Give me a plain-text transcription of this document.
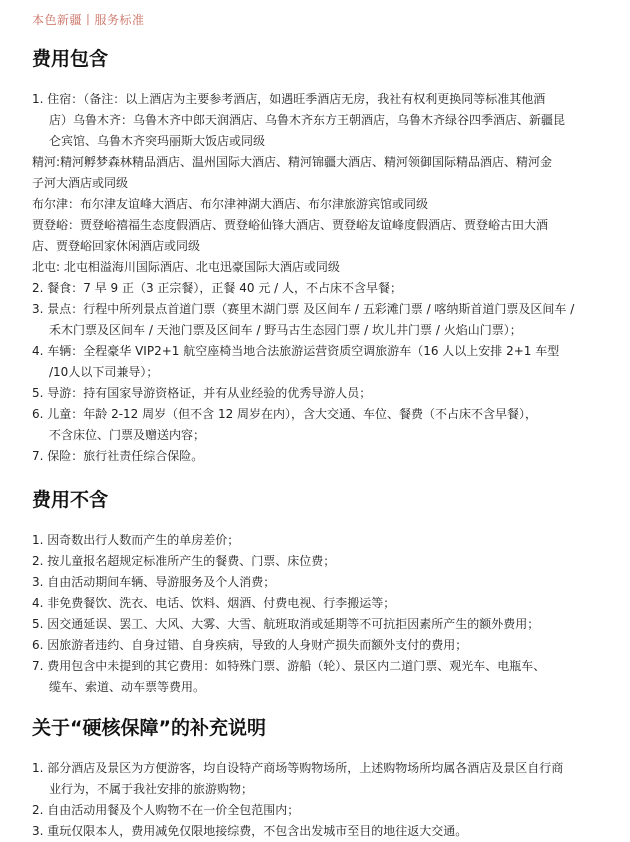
本色新疆丨服务标准
费用包含
1. 住宿：（备注：以上酒店为主要参考酒店，如遇旺季酒店无房，我社有权利更换同等标准其他酒
店）乌鲁木齐：乌鲁木齐中郎天润酒店、乌鲁木齐东方王朝酒店，乌鲁木齐绿谷四季酒店、新疆昆
仑宾馆、乌鲁木齐突玛丽斯大饭店或同级
精河:精河孵梦森林精品酒店、温州国际大酒店、精河锦疆大酒店、精河领御国际精品酒店、精河金
子河大酒店或同级
布尔津：布尔津友谊峰大酒店、布尔津神湖大酒店、布尔津旅游宾馆或同级
贾登峪：贾登峪禧福生态度假酒店、贾登峪仙锋大酒店、贾登峪友谊峰度假酒店、贾登峪古田大酒
店、贾登峪回家休闲酒店或同级
北屯: 北屯相溢海川国际酒店、北屯迅豪国际大酒店或同级
2. 餐食：7 早 9 正（3 正宗餐），正餐 40 元 / 人，不占床不含早餐；
3. 景点：行程中所列景点首道门票（赛里木湖门票 及区间车 / 五彩滩门票 / 喀纳斯首道门票及区间车 /
禾木门票及区间车 / 天池门票及区间车 / 野马古生态园门票 / 坎儿井门票 / 火焰山门票）；
4. 车辆：全程豪华 VIP2+1 航空座椅当地合法旅游运营资质空调旅游车（16 人以上安排 2+1 车型
/10人以下司兼导）；
5. 导游：持有国家导游资格证，并有从业经验的优秀导游人员；
6. 儿童：年龄 2-12 周岁（但不含 12 周岁在内），含大交通、车位、餐费（不占床不含早餐），
不含床位、门票及赠送内容；
7. 保险：旅行社责任综合保险。
费用不含
1. 因奇数出行人数而产生的单房差价；
2. 按儿童报名超规定标准所产生的餐费、门票、床位费；
3. 自由活动期间车辆、导游服务及个人消费；
4. 非免费餐饮、洗衣、电话、饮料、烟酒、付费电视、行李搬运等；
5. 因交通延误、罢工、大风、大雾、大雪、航班取消或延期等不可抗拒因素所产生的额外费用；
6. 因旅游者违约、自身过错、自身疾病，导致的人身财产损失而额外支付的费用；
7. 费用包含中未提到的其它费用：如特殊门票、游船（轮）、景区内二道门票、观光车、电瓶车、
缆车、索道、动车票等费用。
关于“硬核保障”的补充说明
1. 部分酒店及景区为方便游客，均自设特产商场等购物场所，上述购物场所均属各酒店及景区自行商
业行为，不属于我社安排的旅游购物；
2. 自由活动用餐及个人购物不在一价全包范围内；
3. 重玩仅限本人，费用减免仅限地接综费，不包含出发城市至目的地往返大交通。
